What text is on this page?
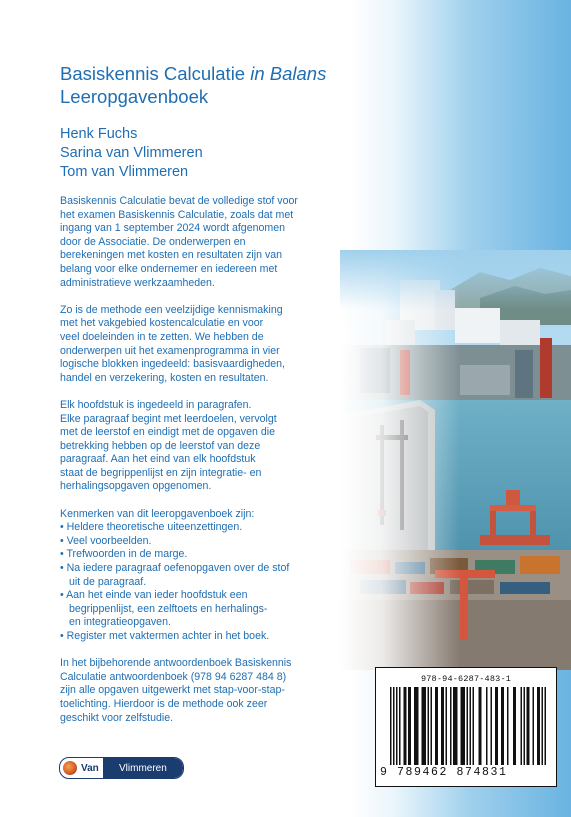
Basiskennis Calculatie in Balans
Leeropgavenboek
Henk Fuchs
Sarina van Vlimmeren
Tom van Vlimmeren

Basiskennis Calculatie bevat de volledige stof voor
het examen Basiskennis Calculatie, zoals dat met
ingang van 1 september 2024 wordt afgenomen
door de Associatie. De onderwerpen en
berekeningen met kosten en resultaten zijn van
belang voor elke ondernemer en iedereen met
administratieve werkzaamheden.

Zo is de methode een veelzijdige kennismaking
met het vakgebied kostencalculatie en voor
veel doeleinden in te zetten. We hebben de
onderwerpen uit het examenprogramma in vier
logische blokken ingedeeld: basisvaardigheden,
handel en verzekering, kosten en resultaten.

Elk hoofdstuk is ingedeeld in paragrafen.
Elke paragraaf begint met leerdoelen, vervolgt
met de leerstof en eindigt met de opgaven die
betrekking hebben op de leerstof van deze
paragraaf. Aan het eind van elk hoofdstuk
staat de begrippenlijst en zijn integratie- en
herhalingsopgaven opgenomen.

Kenmerken van dit leeropgavenboek zijn:
• Heldere theoretische uiteenzettingen.
• Veel voorbeelden.
• Trefwoorden in de marge.
• Na iedere paragraaf oefenopgaven over de stof
uit de paragraaf.
• Aan het einde van ieder hoofdstuk een
begrippenlijst, een zelftoets en herhalings-
en integratieopgaven.
• Register met vaktermen achter in het boek.

In het bijbehorende antwoordenboek Basiskennis
Calculatie antwoordenboek (978 94 6287 484 8)
zijn alle opgaven uitgewerkt met stap-voor-stap-
toelichting. Hierdoor is de methode ook zeer
geschikt voor zelfstudie.

978-94-6287-483-1
9 789462 874831
Van	Vlimmeren
